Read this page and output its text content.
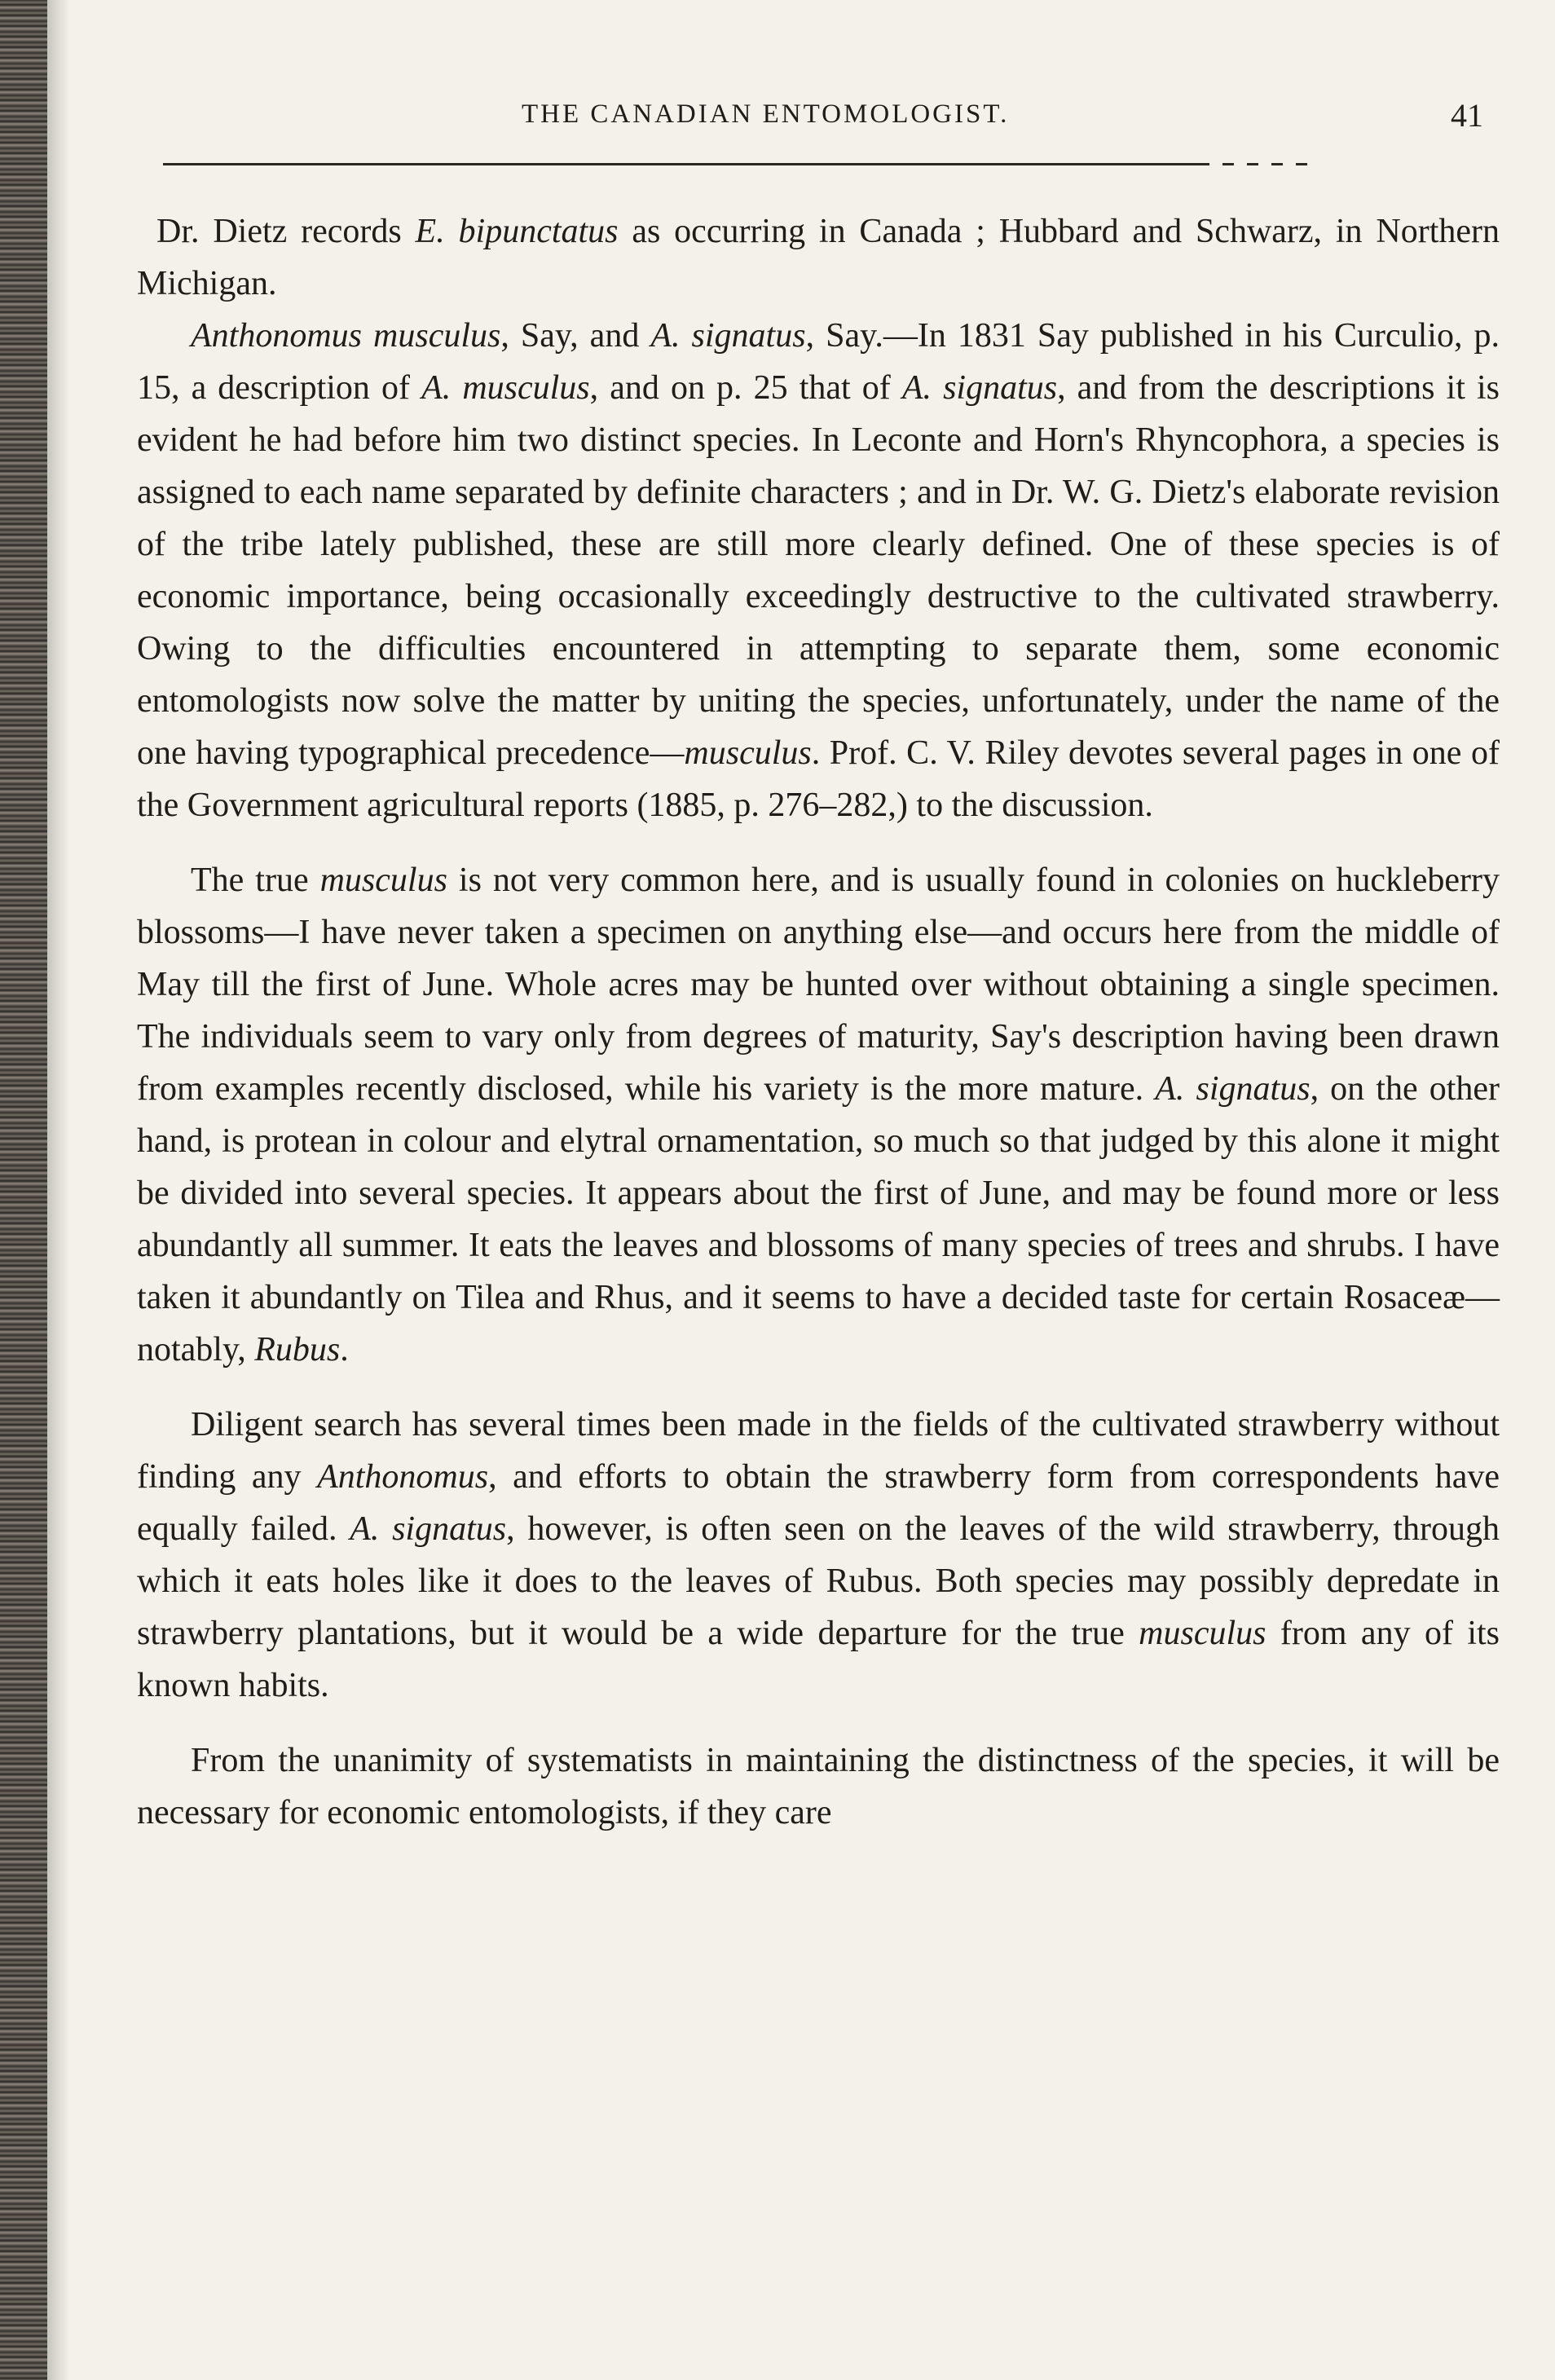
THE CANADIAN ENTOMOLOGIST.	41

Dr. Dietz records E. bipunctatus as occurring in Canada ; Hubbard and Schwarz, in Northern Michigan.

Anthonomus musculus, Say, and A. signatus, Say.—In 1831 Say published in his Curculio, p. 15, a description of A. musculus, and on p. 25 that of A. signatus, and from the descriptions it is evident he had before him two distinct species. In Leconte and Horn's Rhyncophora, a species is assigned to each name separated by definite characters ; and in Dr. W. G. Dietz's elaborate revision of the tribe lately published, these are still more clearly defined. One of these species is of economic importance, being occasionally exceedingly destructive to the cultivated strawberry. Owing to the difficulties encountered in attempting to separate them, some economic entomologists now solve the matter by uniting the species, unfortunately, under the name of the one having typographical precedence—musculus. Prof. C. V. Riley devotes several pages in one of the Government agricultural reports (1885, p. 276–282,) to the discussion.

The true musculus is not very common here, and is usually found in colonies on huckleberry blossoms—I have never taken a specimen on anything else—and occurs here from the middle of May till the first of June. Whole acres may be hunted over without obtaining a single specimen. The individuals seem to vary only from degrees of maturity, Say's description having been drawn from examples recently disclosed, while his variety is the more mature. A. signatus, on the other hand, is protean in colour and elytral ornamentation, so much so that judged by this alone it might be divided into several species. It appears about the first of June, and may be found more or less abundantly all summer. It eats the leaves and blossoms of many species of trees and shrubs. I have taken it abundantly on Tilea and Rhus, and it seems to have a decided taste for certain Rosaceæ—notably, Rubus.

Diligent search has several times been made in the fields of the cultivated strawberry without finding any Anthonomus, and efforts to obtain the strawberry form from correspondents have equally failed. A. signatus, however, is often seen on the leaves of the wild strawberry, through which it eats holes like it does to the leaves of Rubus. Both species may possibly depredate in strawberry plantations, but it would be a wide departure for the true musculus from any of its known habits.

From the unanimity of systematists in maintaining the distinctness of the species, it will be necessary for economic entomologists, if they care
